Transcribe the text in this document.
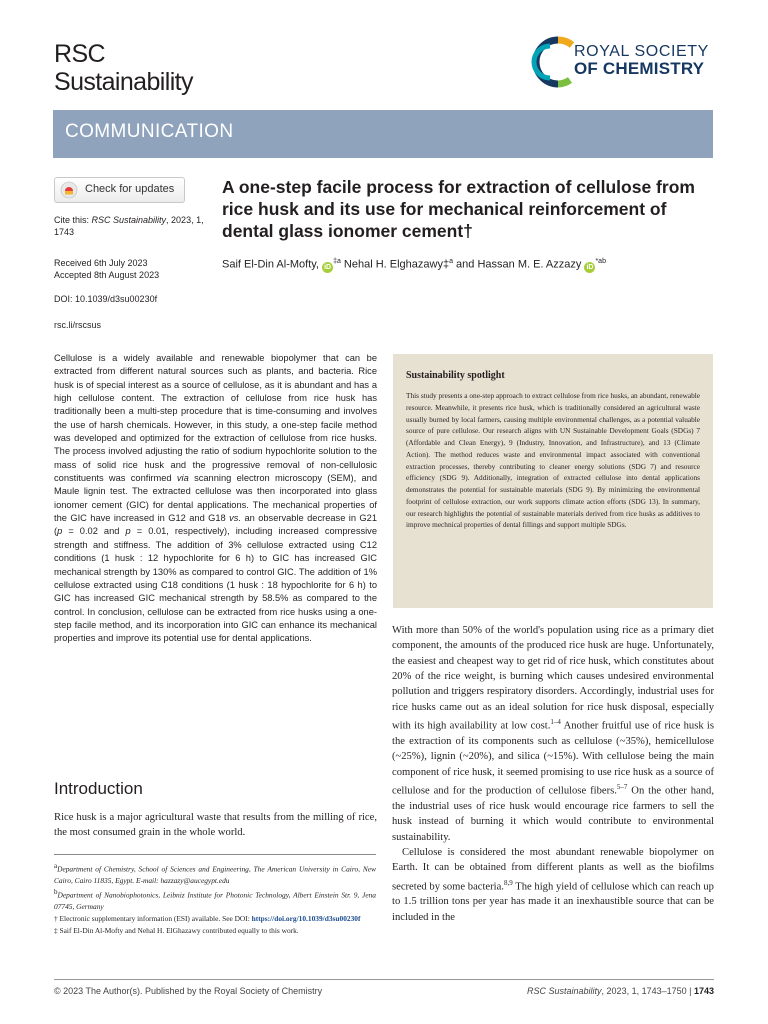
RSC
Sustainability
ROYAL SOCIETY
OF CHEMISTRY
COMMUNICATION
Check for updates
Cite this: RSC Sustainability, 2023, 1, 1743
Received 6th July 2023
Accepted 8th August 2023
DOI: 10.1039/d3su00230f
rsc.li/rscsus
A one-step facile process for extraction of cellulose from rice husk and its use for mechanical reinforcement of dental glass ionomer cement†
Saif El-Din Al-Mofty, $iD^{\ddagger a}$ Nehal H. Elghazawy‡$^a$ and Hassan M. E. Azzazy $iD^{*ab}$
Cellulose is a widely available and renewable biopolymer that can be extracted from different natural sources such as plants, and bacteria. Rice husk is of special interest as a source of cellulose, as it is abundant and has a high cellulose content. The extraction of cellulose from rice husk has traditionally been a multi-step procedure that is time-consuming and involves the use of harsh chemicals. However, in this study, a one-step facile method was developed and optimized for the extraction of cellulose from rice husks. The process involved adjusting the ratio of sodium hypochlorite solution to the mass of solid rice husk and the progressive removal of non-cellulosic constituents was confirmed via scanning electron microscopy (SEM), and Maule lignin test. The extracted cellulose was then incorporated into glass ionomer cement (GIC) for dental applications. The mechanical properties of the GIC have increased in G12 and G18 vs. an observable decrease in G21 (p = 0.02 and p = 0.01, respectively), including increased compressive strength and stiffness. The addition of 3% cellulose extracted using C12 conditions (1 husk : 12 hypochlorite for 6 h) to GIC has increased GIC mechanical strength by 130% as compared to control GIC. The addition of 1% cellulose extracted using C18 conditions (1 husk : 18 hypochlorite for 6 h) to GIC has increased GIC mechanical strength by 58.5% as compared to the control. In conclusion, cellulose can be extracted from rice husks using a one-step facile method, and its incorporation into GIC can enhance its mechanical properties and improve its potential use for dental applications.
Sustainability spotlight
This study presents a one-step approach to extract cellulose from rice husks, an abundant, renewable resource. Meanwhile, it presents rice husk, which is traditionally considered an agricultural waste usually burned by local farmers, causing multiple environmental challenges, as a potential valuable source of pure cellulose. Our research aligns with UN Sustainable Development Goals (SDGs) 7 (Affordable and Clean Energy), 9 (Industry, Innovation, and Infrastructure), and 13 (Climate Action). The method reduces waste and environmental impact associated with conventional extraction processes, thereby contributing to cleaner energy solutions (SDG 7) and resource efficiency (SDG 9). Additionally, integration of extracted cellulose into dental applications demonstrates the potential for sustainable materials (SDG 9). By minimizing the environmental footprint of cellulose extraction, our work supports climate action efforts (SDG 13). In summary, our research highlights the potential of sustainable materials derived from rice husks as additives to improve mechnical properties of dental fillings and support multiple SDGs.

With more than 50% of the world's population using rice as a primary diet component, the amounts of the produced rice husk are huge. Unfortunately, the easiest and cheapest way to get rid of rice husk, which constitutes about 20% of the rice weight, is burning which causes undesired environmental pollution and triggers respiratory disorders. Accordingly, industrial uses for rice husks came out as an ideal solution for rice husk disposal, especially with its high availability at low cost.$^{1-4}$ Another fruitful use of rice husk is the extraction of its components such as cellulose (~35%), hemicellulose (~25%), lignin (~20%), and silica (~15%). With cellulose being the main component of rice husk, it seemed promising to use rice husk as a source of cellulose and for the production of cellulose fibers.$^{5-7}$ On the other hand, the industrial uses of rice husk would encourage rice farmers to sell the husk instead of burning it which would contribute to environmental sustainability.

Cellulose is considered the most abundant renewable biopolymer on Earth. It can be obtained from different plants as well as the biofilms secreted by some bacteria.$^{8,9}$ The high yield of cellulose which can reach up to 1.5 trillion tons per year has made it an inexhaustible source that can be included in the

Introduction
Rice husk is a major agricultural waste that results from the milling of rice, the most consumed grain in the whole world.

$^a$Department of Chemistry, School of Sciences and Engineering, The American University in Cairo, New Cairo, Cairo 11835, Egypt. E-mail: hazzazy@aucegypt.edu

$^b$Department of Nanobiophotonics, Leibniz Institute for Photonic Technology, Albert Einstein Str. 9, Jena 07745, Germany

† Electronic supplementary information (ESI) available. See DOI: https://doi.org/10.1039/d3su00230f

‡ Saif El-Din Al-Mofty and Nehal H. ElGhazawy contributed equally to this work.

© 2023 The Author(s). Published by the Royal Society of Chemistry	RSC Sustainability, 2023, 1, 1743–1750 | 1743
